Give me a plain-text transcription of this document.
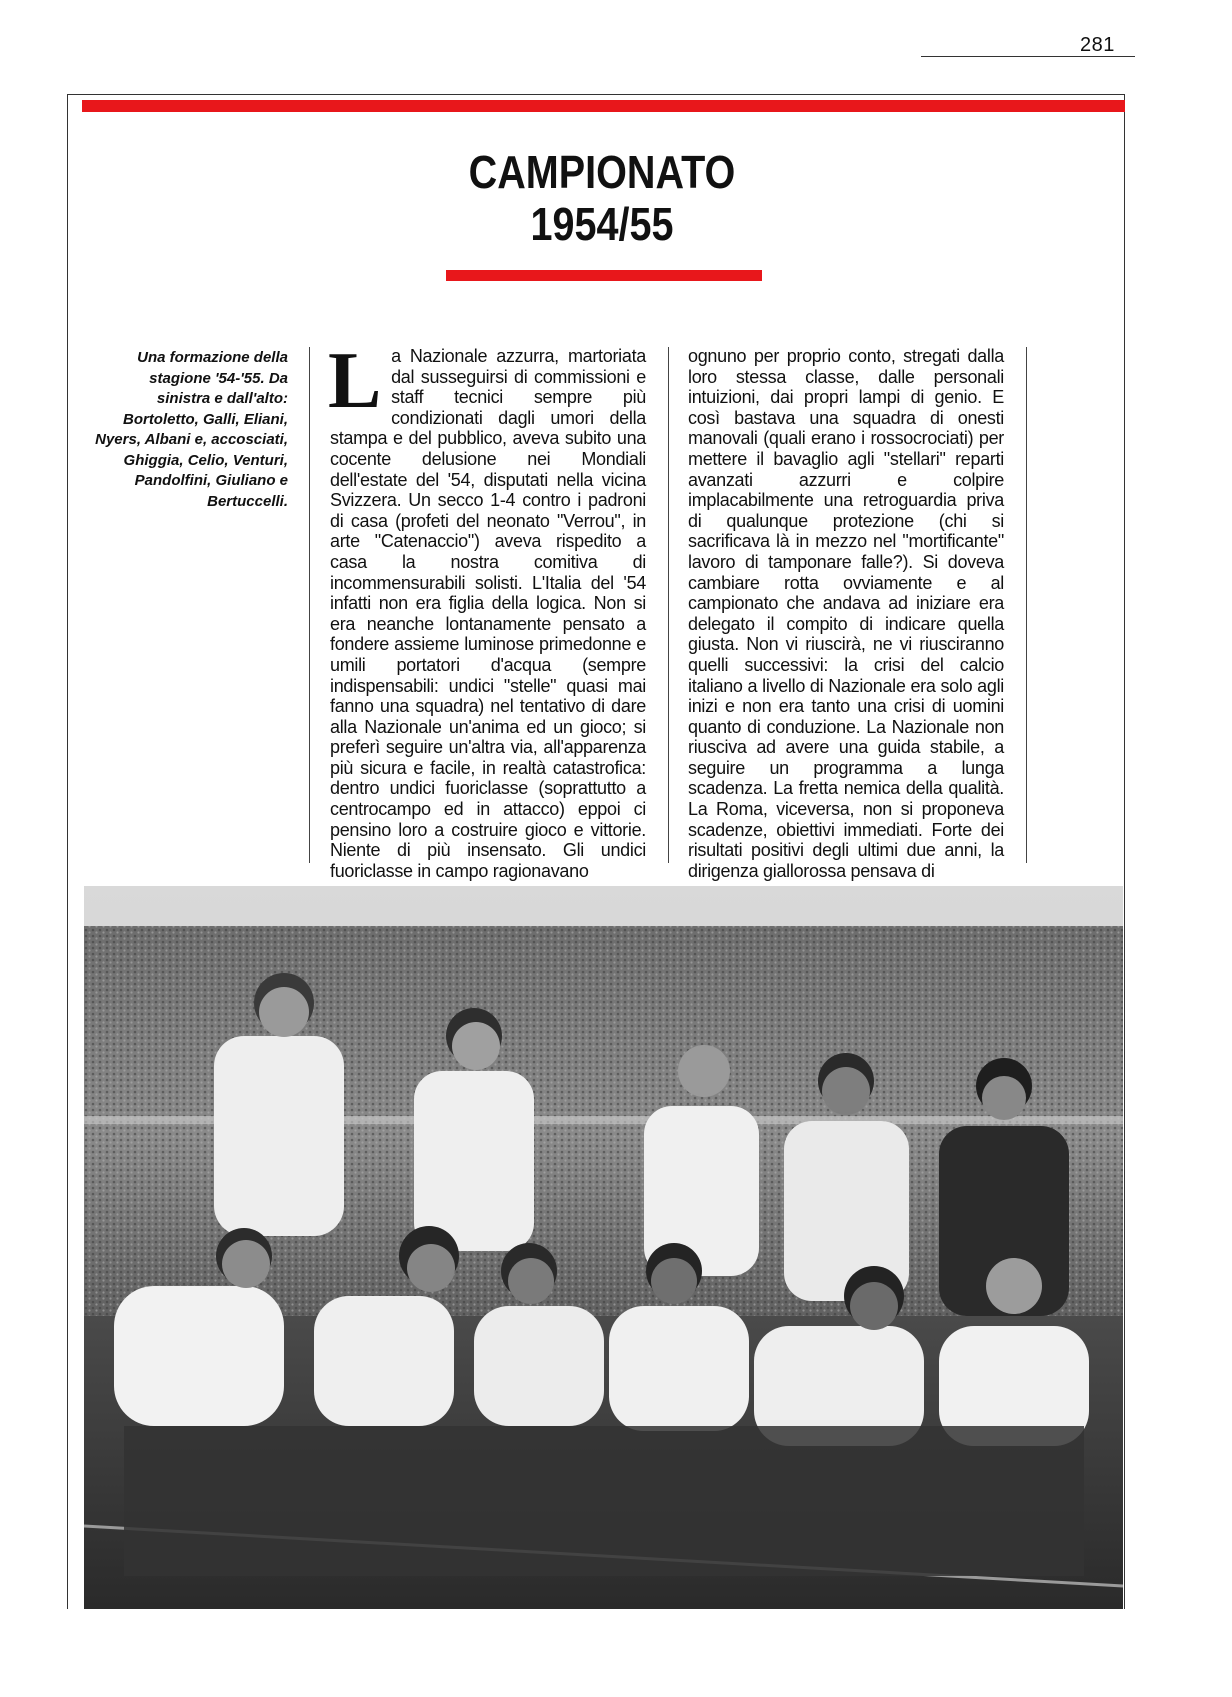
281
CAMPIONATO
1954/55
Una formazione della stagione '54-'55. Da sinistra e dall'alto: Bortoletto, Galli, Eliani, Nyers, Albani e, accosciati, Ghiggia, Celio, Venturi, Pandolfini, Giuliano e Bertuccelli.
L a Nazionale azzurra, martoriata dal susseguirsi di commissioni e staff tecnici sempre più condizionati dagli umori della stampa e del pubblico, aveva subito una cocente delusione nei Mondiali dell'estate del '54, disputati nella vicina Svizzera. Un secco 1-4 contro i padroni di casa (profeti del neonato "Verrou", in arte "Catenaccio") aveva rispedito a casa la nostra comitiva di incommensurabili solisti. L'Italia del '54 infatti non era figlia della logica. Non si era neanche lontanamente pensato a fondere assieme luminose primedonne e umili portatori d'acqua (sempre indispensabili: undici "stelle" quasi mai fanno una squadra) nel tentativo di dare alla Nazionale un'anima ed un gioco; si preferì seguire un'altra via, all'apparenza più sicura e facile, in realtà catastrofica: dentro undici fuoriclasse (soprattutto a centrocampo ed in attacco) eppoi ci pensino loro a costruire gioco e vittorie. Niente di più insensato. Gli undici fuoriclasse in campo ragionavano

ognuno per proprio conto, stregati dalla loro stessa classe, dalle personali intuizioni, dai propri lampi di genio. E così bastava una squadra di onesti manovali (quali erano i rossocrociati) per mettere il bavaglio agli "stellari" reparti avanzati azzurri e colpire implacabilmente una retroguardia priva di qualunque protezione (chi si sacrificava là in mezzo nel "mortificante" lavoro di tamponare falle?). Si doveva cambiare rotta ovviamente e al campionato che andava ad iniziare era delegato il compito di indicare quella giusta. Non vi riuscirà, ne vi riusciranno quelli successivi: la crisi del calcio italiano a livello di Nazionale era solo agli inizi e non era tanto una crisi di uomini quanto di conduzione. La Nazionale non riusciva ad avere una guida stabile, a seguire un programma a lunga scadenza. La fretta nemica della qualità. La Roma, viceversa, non si proponeva scadenze, obiettivi immediati. Forte dei risultati positivi degli ultimi due anni, la dirigenza giallorossa pensava di
